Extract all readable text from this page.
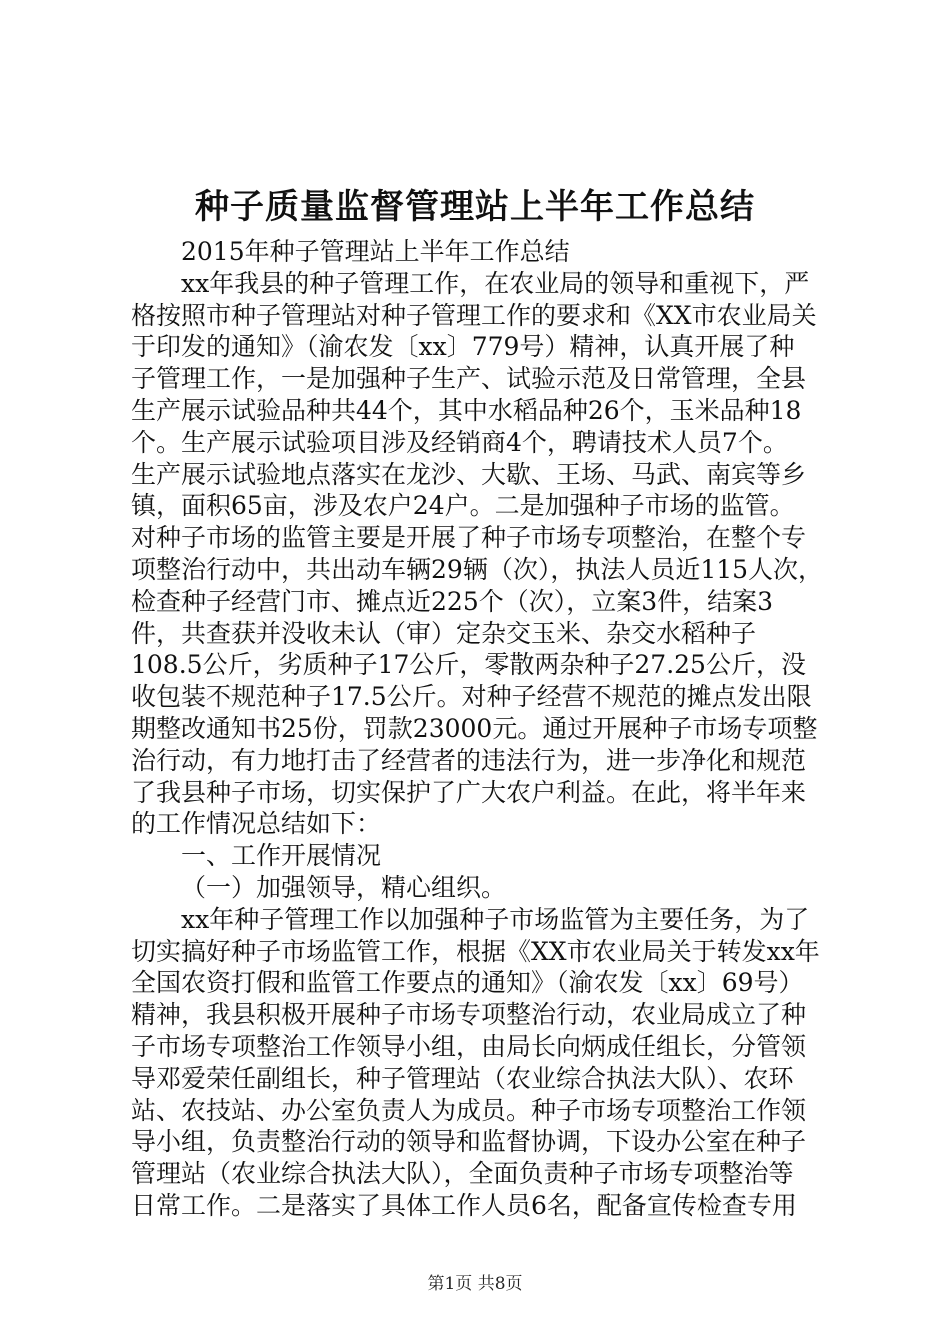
种子质量监督管理站上半年工作总结
2015年种子管理站上半年工作总结
xx年我县的种子管理工作，在农业局的领导和重视下，严
格按照市种子管理站对种子管理工作的要求和《XX市农业局关
于印发的通知》（渝农发〔xx〕779号）精神，认真开展了种
子管理工作，一是加强种子生产、试验示范及日常管理，全县
生产展示试验品种共44个，其中水稻品种26个，玉米品种18
个。生产展示试验项目涉及经销商4个，聘请技术人员7个。
生产展示试验地点落实在龙沙、大歇、王场、马武、南宾等乡
镇，面积65亩，涉及农户24户。二是加强种子市场的监管。
对种子市场的监管主要是开展了种子市场专项整治，在整个专
项整治行动中，共出动车辆29辆（次），执法人员近115人次，
检查种子经营门市、摊点近225个（次），立案3件，结案3
件，共查获并没收未认（审）定杂交玉米、杂交水稻种子
108.5公斤，劣质种子17公斤，零散两杂种子27.25公斤，没
收包装不规范种子17.5公斤。对种子经营不规范的摊点发出限
期整改通知书25份，罚款23000元。通过开展种子市场专项整
治行动，有力地打击了经营者的违法行为，进一步净化和规范
了我县种子市场，切实保护了广大农户利益。在此，将半年来
的工作情况总结如下：
一、工作开展情况
（一）加强领导，精心组织。
xx年种子管理工作以加强种子市场监管为主要任务，为了
切实搞好种子市场监管工作，根据《XX市农业局关于转发xx年
全国农资打假和监管工作要点的通知》（渝农发〔xx〕69号）
精神，我县积极开展种子市场专项整治行动，农业局成立了种
子市场专项整治工作领导小组，由局长向炳成任组长，分管领
导邓爱荣任副组长，种子管理站（农业综合执法大队）、农环
站、农技站、办公室负责人为成员。种子市场专项整治工作领
导小组，负责整治行动的领导和监督协调，下设办公室在种子
管理站（农业综合执法大队），全面负责种子市场专项整治等
日常工作。二是落实了具体工作人员6名，配备宣传检查专用
第1页 共8页
